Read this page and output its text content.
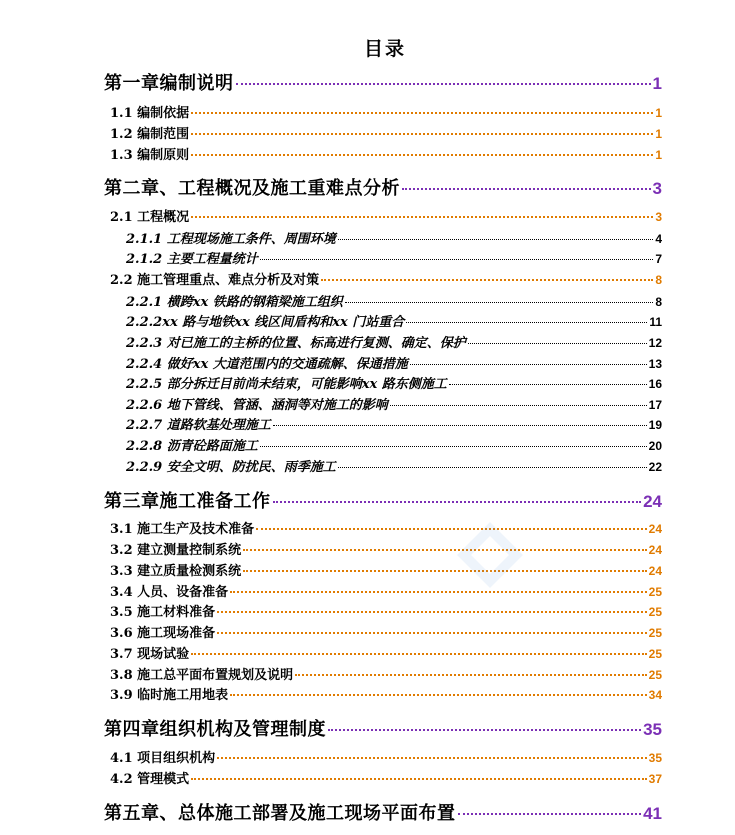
目录
第一章编制说明	1
1.1 编制依据	1
1.2 编制范围	1
1.3 编制原则	1
第二章、工程概况及施工重难点分析	3
2.1 工程概况	3
2.1.1 工程现场施工条件、周围环境	4
2.1.2 主要工程量统计	7
2.2 施工管理重点、难点分析及对策	8
2.2.1 横跨xx 铁路的钢箱梁施工组织	8
2.2.2xx 路与地铁xx 线区间盾构和xx 门站重合	11
2.2.3 对已施工的主桥的位置、标高进行复测、确定、保护	12
2.2.4 做好xx 大道范围内的交通疏解、保通措施	13
2.2.5 部分拆迁目前尚未结束，可能影响xx 路东侧施工	16
2.2.6 地下管线、管涵、涵洞等对施工的影响	17
2.2.7 道路软基处理施工	19
2.2.8 沥青砼路面施工	20
2.2.9 安全文明、防扰民、雨季施工	22
第三章施工准备工作	24
3.1 施工生产及技术准备	24
3.2 建立测量控制系统	24
3.3 建立质量检测系统	24
3.4 人员、设备准备	25
3.5 施工材料准备	25
3.6 施工现场准备	25
3.7 现场试验	25
3.8 施工总平面布置规划及说明	25
3.9 临时施工用地表	34
第四章组织机构及管理制度	35
4.1 项目组织机构	35
4.2 管理模式	37
第五章、总体施工部署及施工现场平面布置	41
